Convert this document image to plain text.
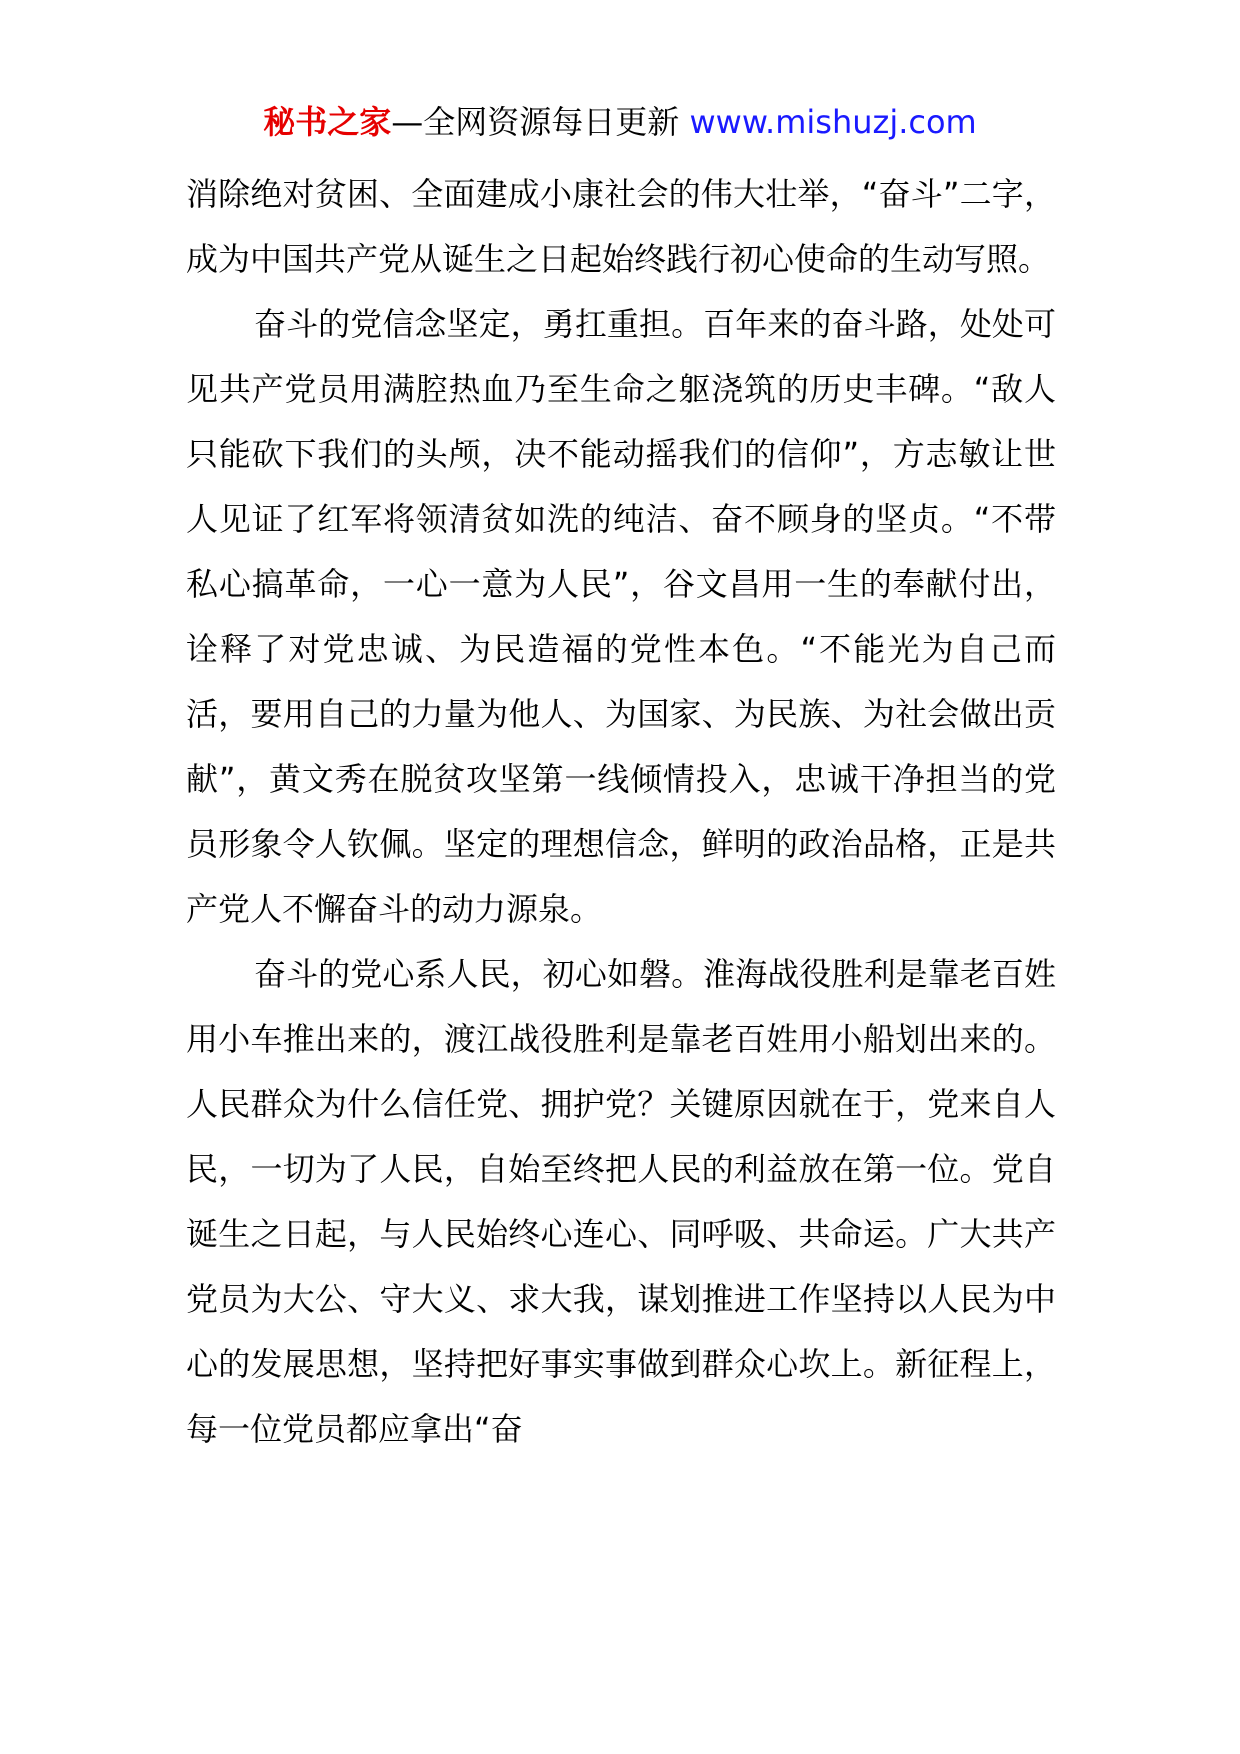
秘书之家—全网资源每日更新 www.mishuzj.com

消除绝对贫困、全面建成小康社会的伟大壮举，“奋斗”二字，成为中国共产党从诞生之日起始终践行初心使命的生动写照。

奋斗的党信念坚定，勇扛重担。百年来的奋斗路，处处可见共产党员用满腔热血乃至生命之躯浇筑的历史丰碑。“敌人只能砍下我们的头颅，决不能动摇我们的信仰”，方志敏让世人见证了红军将领清贫如洗的纯洁、奋不顾身的坚贞。“不带私心搞革命，一心一意为人民”，谷文昌用一生的奉献付出，诠释了对党忠诚、为民造福的党性本色。“不能光为自己而活，要用自己的力量为他人、为国家、为民族、为社会做出贡献”，黄文秀在脱贫攻坚第一线倾情投入，忠诚干净担当的党员形象令人钦佩。坚定的理想信念，鲜明的政治品格，正是共产党人不懈奋斗的动力源泉。

奋斗的党心系人民，初心如磐。淮海战役胜利是靠老百姓用小车推出来的，渡江战役胜利是靠老百姓用小船划出来的。人民群众为什么信任党、拥护党？关键原因就在于，党来自人民，一切为了人民，自始至终把人民的利益放在第一位。党自诞生之日起，与人民始终心连心、同呼吸、共命运。广大共产党员为大公、守大义、求大我，谋划推进工作坚持以人民为中心的发展思想，坚持把好事实事做到群众心坎上。新征程上，每一位党员都应拿出“奋
